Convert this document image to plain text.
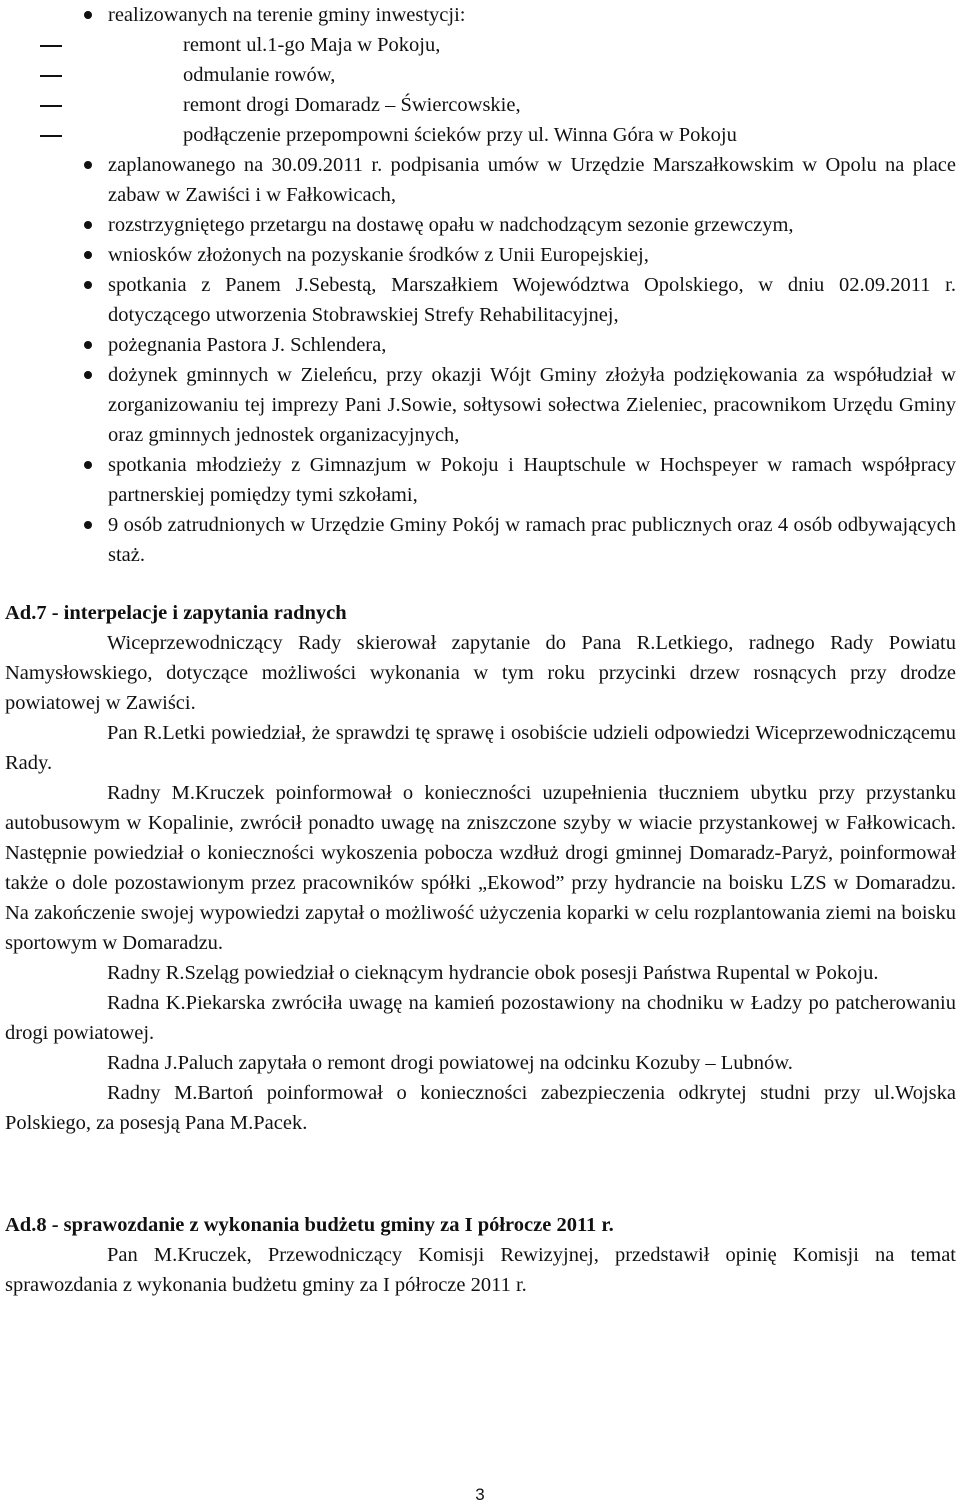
realizowanych na terenie gminy inwestycji:
remont ul.1-go Maja w Pokoju,
odmulanie rowów,
remont drogi Domaradz – Świercowskie,
podłączenie przepompowni ścieków przy ul. Winna Góra w Pokoju
zaplanowanego na 30.09.2011 r. podpisania umów w Urzędzie Marszałkowskim w Opolu na place zabaw w Zawiści i w Fałkowicach,
rozstrzygniętego przetargu na dostawę opału w nadchodzącym sezonie grzewczym,
wniosków złożonych na pozyskanie środków z Unii Europejskiej,
spotkania z Panem J.Sebestą, Marszałkiem Województwa Opolskiego, w dniu 02.09.2011 r. dotyczącego utworzenia Stobrawskiej Strefy Rehabilitacyjnej,
pożegnania Pastora J. Schlendera,
dożynek gminnych w Zieleńcu, przy okazji Wójt Gminy złożyła podziękowania za współudział w zorganizowaniu tej imprezy Pani J.Sowie, sołtysowi sołectwa Zieleniec, pracownikom Urzędu Gminy oraz gminnych jednostek organizacyjnych,
spotkania młodzieży z Gimnazjum w Pokoju i Hauptschule w Hochspeyer w ramach współpracy partnerskiej pomiędzy tymi szkołami,
9 osób zatrudnionych w Urzędzie Gminy Pokój w ramach prac publicznych oraz 4 osób odbywających staż.

Ad.7 - interpelacje i zapytania radnych

Wiceprzewodniczący Rady skierował zapytanie do Pana R.Letkiego, radnego Rady Powiatu Namysłowskiego, dotyczące możliwości wykonania w tym roku przycinki drzew rosnących przy drodze powiatowej w Zawiści.

Pan R.Letki powiedział, że sprawdzi tę sprawę i osobiście udzieli odpowiedzi Wiceprzewodniczącemu Rady.

Radny M.Kruczek poinformował o konieczności uzupełnienia tłuczniem ubytku przy przystanku autobusowym w Kopalinie, zwrócił ponadto uwagę na zniszczone szyby w wiacie przystankowej w Fałkowicach. Następnie powiedział o konieczności wykoszenia pobocza wzdłuż drogi gminnej Domaradz-Paryż, poinformował także o dole pozostawionym przez pracowników spółki „Ekowod” przy hydrancie na boisku LZS w Domaradzu. Na zakończenie swojej wypowiedzi zapytał o możliwość użyczenia koparki w celu rozplantowania ziemi na boisku sportowym w Domaradzu.

Radny R.Szeląg powiedział o cieknącym hydrancie obok posesji Państwa Rupental w Pokoju.

Radna K.Piekarska zwróciła uwagę na kamień pozostawiony na chodniku w Ładzy po patcherowaniu drogi powiatowej.

Radna J.Paluch zapytała o remont drogi powiatowej na odcinku Kozuby – Lubnów.

Radny M.Bartoń poinformował o konieczności zabezpieczenia odkrytej studni przy ul.Wojska Polskiego, za posesją Pana M.Pacek.

Ad.8 - sprawozdanie z wykonania budżetu gminy za I półrocze 2011 r.

Pan M.Kruczek, Przewodniczący Komisji Rewizyjnej, przedstawił opinię Komisji na temat sprawozdania z wykonania budżetu gminy za I półrocze 2011 r.

3
